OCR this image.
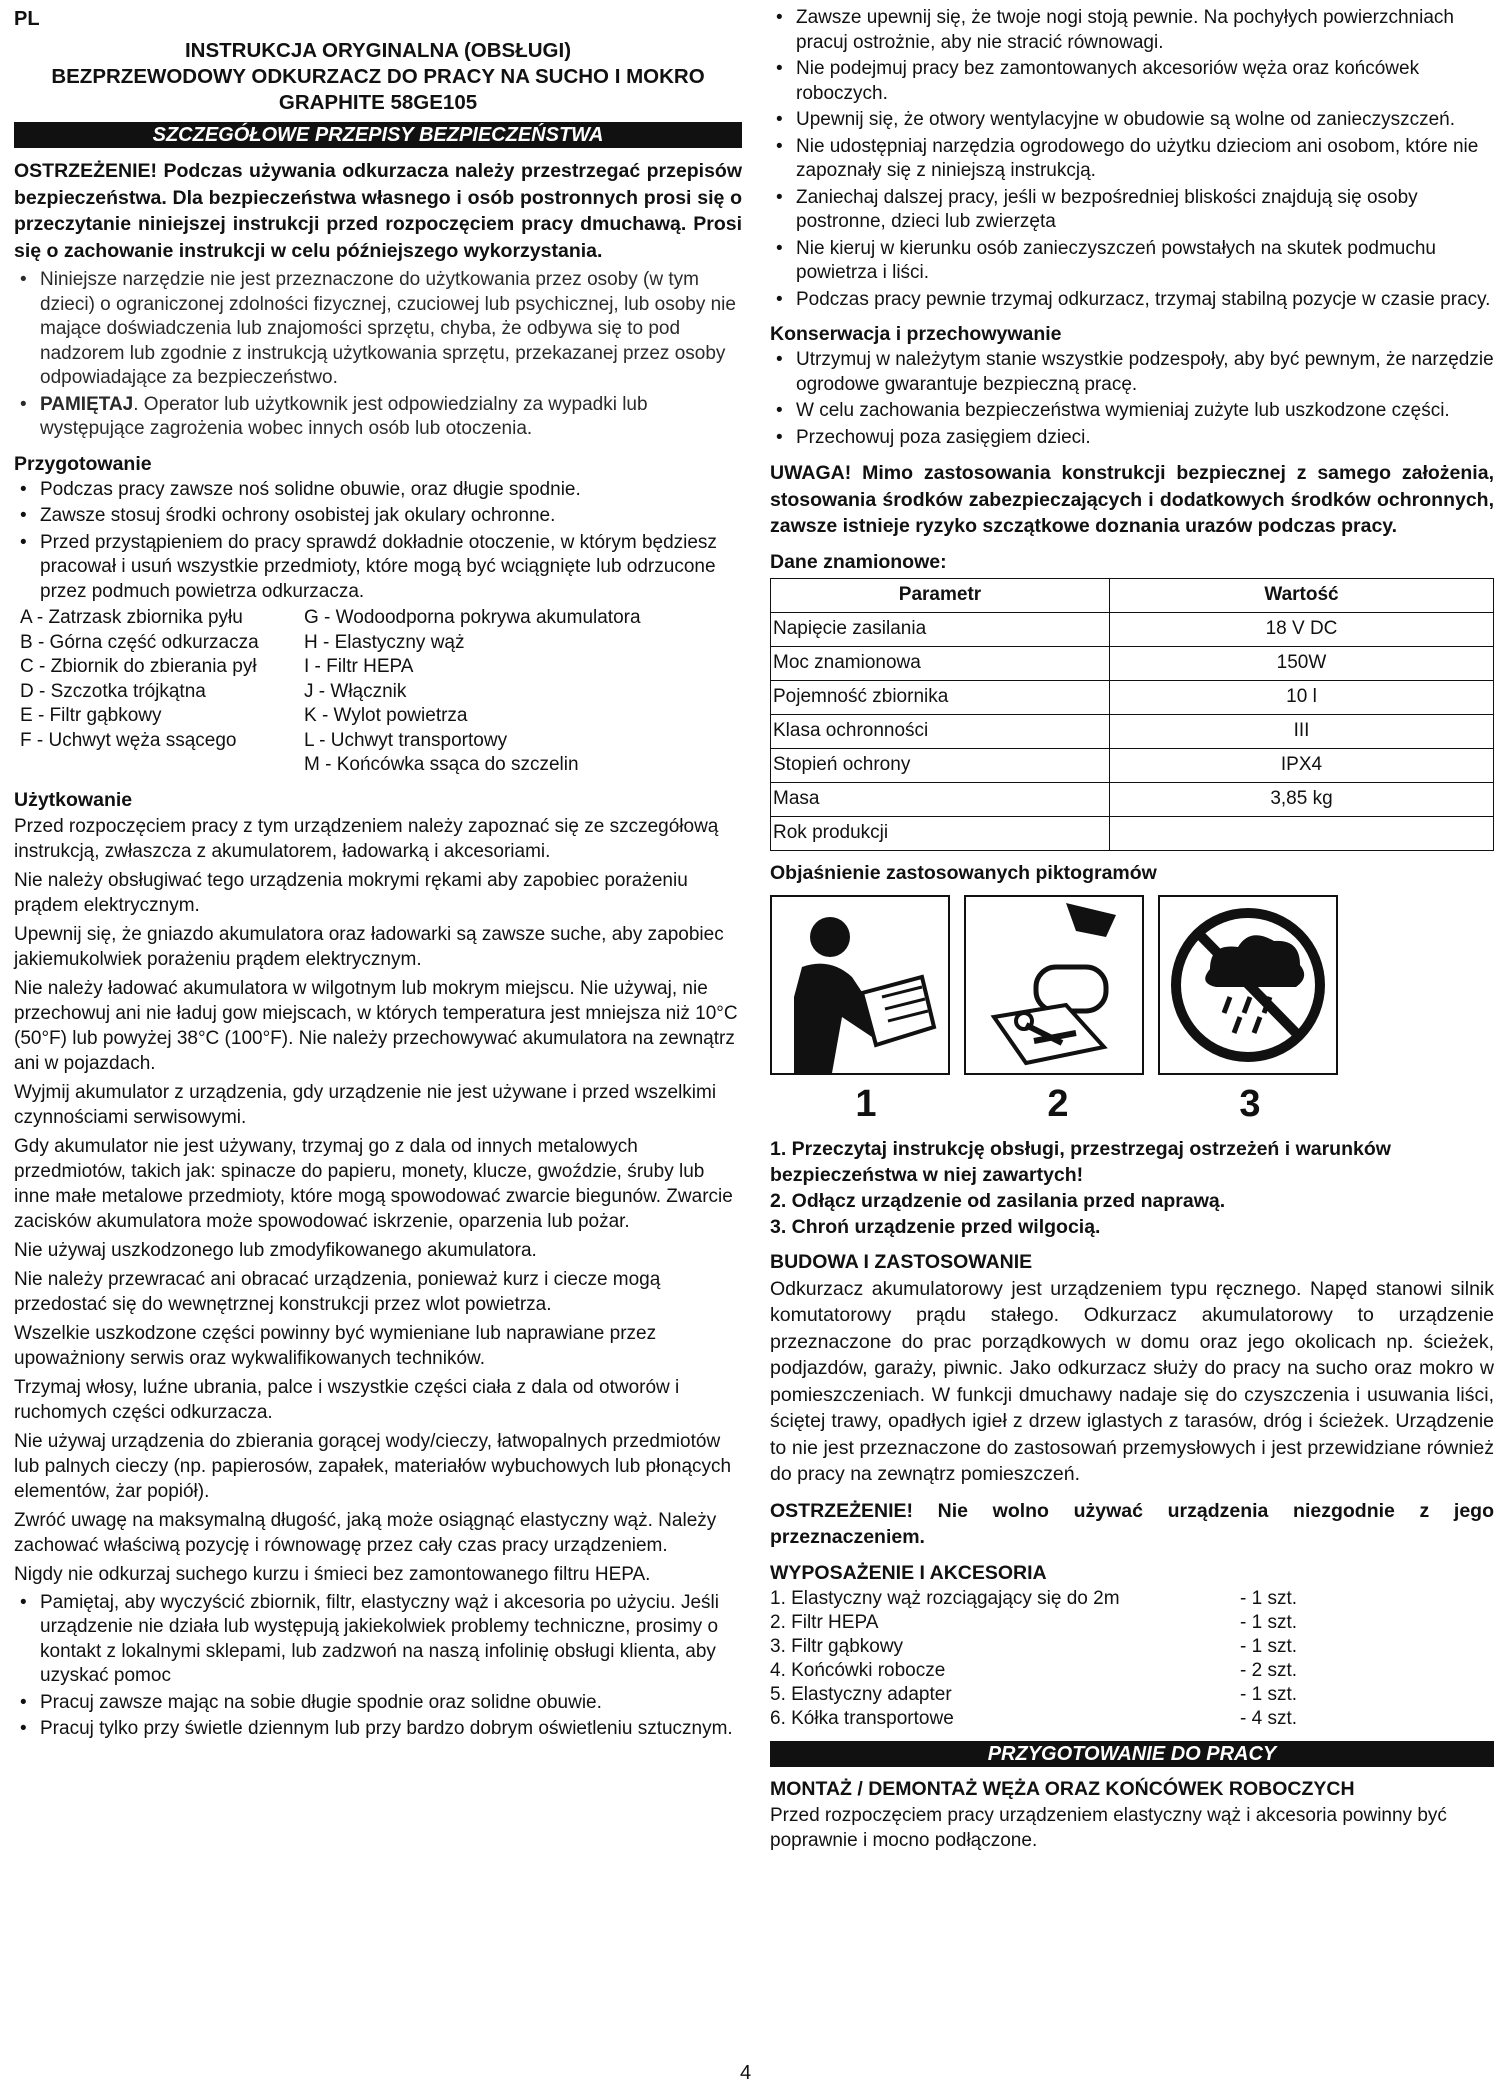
PL
INSTRUKCJA ORYGINALNA (OBSŁUGI)
BEZPRZEWODOWY ODKURZACZ DO PRACY NA SUCHO I MOKRO
GRAPHITE 58GE105
SZCZEGÓŁOWE PRZEPISY BEZPIECZEŃSTWA

OSTRZEŻENIE! Podczas używania odkurzacza należy przestrzegać przepisów bezpieczeństwa. Dla bezpieczeństwa własnego i osób postronnych prosi się o przeczytanie niniejszej instrukcji przed rozpoczęciem pracy dmuchawą. Prosi się o zachowanie instrukcji w celu późniejszego wykorzystania.

• Niniejsze narzędzie nie jest przeznaczone do użytkowania przez osoby (w tym dzieci) o ograniczonej zdolności fizycznej, czuciowej lub psychicznej, lub osoby nie mające doświadczenia lub znajomości sprzętu, chyba, że odbywa się to pod nadzorem lub zgodnie z instrukcją użytkowania sprzętu, przekazanej przez osoby odpowiadające za bezpieczeństwo.
• PAMIĘTAJ. Operator lub użytkownik jest odpowiedzialny za wypadki lub występujące zagrożenia wobec innych osób lub otoczenia.
Przygotowanie
• Podczas pracy zawsze noś solidne obuwie, oraz długie spodnie.
• Zawsze stosuj środki ochrony osobistej jak okulary ochronne.
• Przed przystąpieniem do pracy sprawdź dokładnie otoczenie, w którym będziesz pracował i usuń wszystkie przedmioty, które mogą być wciągnięte lub odrzucone przez podmuch powietrza odkurzacza.
A - Zatrzask zbiornika pyłu	G - Wodoodporna pokrywa akumulatora
B - Górna część odkurzacza	H - Elastyczny wąż
C - Zbiornik do zbierania pył	I - Filtr HEPA
D - Szczotka trójkątna	J - Włącznik
E - Filtr gąbkowy	K - Wylot powietrza
F - Uchwyt węża ssącego	L - Uchwyt transportowy
	M - Końcówka ssąca do szczelin
Użytkowanie

Przed rozpoczęciem pracy z tym urządzeniem należy zapoznać się ze szczegółową instrukcją, zwłaszcza z akumulatorem, ładowarką i akcesoriami.

Nie należy obsługiwać tego urządzenia mokrymi rękami aby zapobiec porażeniu prądem elektrycznym.

Upewnij się, że gniazdo akumulatora oraz ładowarki są zawsze suche, aby zapobiec jakiemukolwiek porażeniu prądem elektrycznym.

Nie należy ładować akumulatora w wilgotnym lub mokrym miejscu. Nie używaj, nie przechowuj ani nie ładuj gow miejscach, w których temperatura jest mniejsza niż 10°C (50°F) lub powyżej 38°C (100°F). Nie należy przechowywać akumulatora na zewnątrz ani w pojazdach.

Wyjmij akumulator z urządzenia, gdy urządzenie nie jest używane i przed wszelkimi czynnościami serwisowymi.

Gdy akumulator nie jest używany, trzymaj go z dala od innych metalowych przedmiotów, takich jak: spinacze do papieru, monety, klucze, gwoździe, śruby lub inne małe metalowe przedmioty, które mogą spowodować zwarcie biegunów. Zwarcie zacisków akumulatora może spowodować iskrzenie, oparzenia lub pożar.

Nie używaj uszkodzonego lub zmodyfikowanego akumulatora.

Nie należy przewracać ani obracać urządzenia, ponieważ kurz i ciecze mogą przedostać się do wewnętrznej konstrukcji przez wlot powietrza.

Wszelkie uszkodzone części powinny być wymieniane lub naprawiane przez upoważniony serwis oraz wykwalifikowanych techników.

Trzymaj włosy, luźne ubrania, palce i wszystkie części ciała z dala od otworów i ruchomych części odkurzacza.

Nie używaj urządzenia do zbierania gorącej wody/cieczy, łatwopalnych przedmiotów lub palnych cieczy (np. papierosów, zapałek, materiałów wybuchowych lub płonących elementów, żar popiół).

Zwróć uwagę na maksymalną długość, jaką może osiągnąć elastyczny wąż. Należy zachować właściwą pozycję i równowagę przez cały czas pracy urządzeniem.

Nigdy nie odkurzaj suchego kurzu i śmieci bez zamontowanego filtru HEPA.

• Pamiętaj, aby wyczyścić zbiornik, filtr, elastyczny wąż i akcesoria po użyciu. Jeśli urządzenie nie działa lub występują jakiekolwiek problemy techniczne, prosimy o kontakt z lokalnymi sklepami, lub zadzwoń na naszą infolinię obsługi klienta, aby uzyskać pomoc
• Pracuj zawsze mając na sobie długie spodnie oraz solidne obuwie.
• Pracuj tylko przy świetle dziennym lub przy bardzo dobrym oświetleniu sztucznym.
• Zawsze upewnij się, że twoje nogi stoją pewnie. Na pochyłych powierzchniach pracuj ostrożnie, aby nie stracić równowagi.
• Nie podejmuj pracy bez zamontowanych akcesoriów węża oraz końcówek roboczych.
• Upewnij się, że otwory wentylacyjne w obudowie są wolne od zanieczyszczeń.
• Nie udostępniaj narzędzia ogrodowego do użytku dzieciom ani osobom, które nie zapoznały się z niniejszą instrukcją.
• Zaniechaj dalszej pracy, jeśli w bezpośredniej bliskości znajdują się osoby postronne, dzieci lub zwierzęta
• Nie kieruj w kierunku osób zanieczyszczeń powstałych na skutek podmuchu powietrza i liści.
• Podczas pracy pewnie trzymaj odkurzacz, trzymaj stabilną pozycje w czasie pracy.
Konserwacja i przechowywanie
• Utrzymuj w należytym stanie wszystkie podzespoły, aby być pewnym, że narzędzie ogrodowe gwarantuje bezpieczną pracę.
• W celu zachowania bezpieczeństwa wymieniaj zużyte lub uszkodzone części.
• Przechowuj poza zasięgiem dzieci.

UWAGA! Mimo zastosowania konstrukcji bezpiecznej z samego założenia, stosowania środków zabezpieczających i dodatkowych środków ochronnych, zawsze istnieje ryzyko szczątkowe doznania urazów podczas pracy.

Dane znamionowe:
Parametr	Wartość
Napięcie zasilania	18 V DC
Moc znamionowa	150W
Pojemność zbiornika	10 l
Klasa ochronności	III
Stopień ochrony	IPX4
Masa	3,85 kg
Rok produkcji	
Objaśnienie zastosowanych piktogramów
1	2	3
1. Przeczytaj instrukcję obsługi, przestrzegaj ostrzeżeń i warunków bezpieczeństwa w niej zawartych!
2. Odłącz urządzenie od zasilania przed naprawą.
3. Chroń urządzenie przed wilgocią.
BUDOWA I ZASTOSOWANIE

Odkurzacz akumulatorowy jest urządzeniem typu ręcznego. Napęd stanowi silnik komutatorowy prądu stałego. Odkurzacz akumulatorowy to urządzenie przeznaczone do prac porządkowych w domu oraz jego okolicach np. ścieżek, podjazdów, garaży, piwnic. Jako odkurzacz służy do pracy na sucho oraz mokro w pomieszczeniach. W funkcji dmuchawy nadaje się do czyszczenia i usuwania liści, ściętej trawy, opadłych igieł z drzew iglastych z tarasów, dróg i ścieżek. Urządzenie to nie jest przeznaczone do zastosowań przemysłowych i jest przewidziane również do pracy na zewnątrz pomieszczeń.

OSTRZEŻENIE! Nie wolno używać urządzenia niezgodnie z jego przeznaczeniem.

WYPOSAŻENIE I AKCESORIA
1. Elastyczny wąż rozciągający się do 2m	- 1 szt.
2. Filtr HEPA	- 1 szt.
3. Filtr gąbkowy	- 1 szt.
4. Końcówki robocze	- 2 szt.
5. Elastyczny adapter	- 1 szt.
6. Kółka transportowe	- 4 szt.
PRZYGOTOWANIE DO PRACY
MONTAŻ / DEMONTAŻ WĘŻA ORAZ KOŃCÓWEK ROBOCZYCH

Przed rozpoczęciem pracy urządzeniem elastyczny wąż i akcesoria powinny być poprawnie i mocno podłączone.

4
